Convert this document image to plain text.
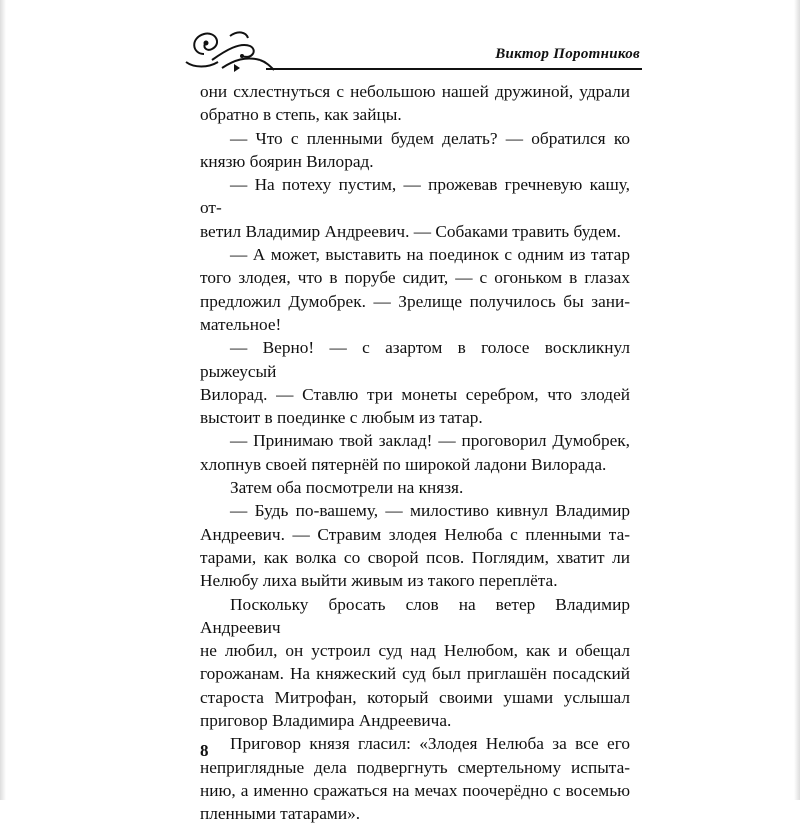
Виктор Поротников
они схлестнуться с небольшою нашей дружиной, удрали
обратно в степь, как зайцы.
— Что с пленными будем делать? — обратился ко
князю боярин Вилорад.
— На потеху пустим, — прожевав гречневую кашу, от-
ветил Владимир Андреевич. — Собаками травить будем.
— А может, выставить на поединок с одним из татар
того злодея, что в порубе сидит, — с огоньком в глазах
предложил Думобрек. — Зрелище получилось бы зани-
мательное!
— Верно! — с азартом в голосе воскликнул рыжеусый
Вилорад. — Ставлю три монеты серебром, что злодей
выстоит в поединке с любым из татар.
— Принимаю твой заклад! — проговорил Думобрек,
хлопнув своей пятернёй по широкой ладони Вилорада.
Затем оба посмотрели на князя.
— Будь по-вашему, — милостиво кивнул Владимир
Андреевич. — Стравим злодея Нелюба с пленными та-
тарами, как волка со сворой псов. Поглядим, хватит ли
Нелюбу лиха выйти живым из такого переплёта.
Поскольку бросать слов на ветер Владимир Андреевич
не любил, он устроил суд над Нелюбом, как и обещал
горожанам. На княжеский суд был приглашён посадский
староста Митрофан, который своими ушами услышал
приговор Владимира Андреевича.
Приговор князя гласил: «Злодея Нелюба за все его
неприглядные дела подвергнуть смертельному испыта-
нию, а именно сражаться на мечах поочерёдно с восемью
пленными татарами».
8
